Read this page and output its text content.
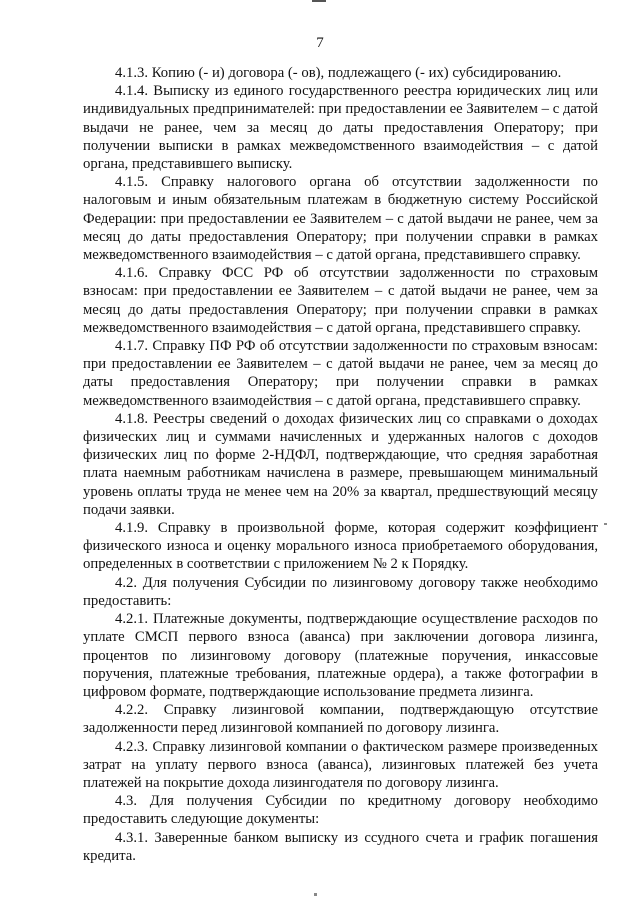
7

4.1.3. Копию (- и) договора (- ов), подлежащего (- их) субсидированию.

4.1.4. Выписку из единого государственного реестра юридических лиц или индивидуальных предпринимателей: при предоставлении ее Заявителем – с датой выдачи не ранее, чем за месяц до даты предоставления Оператору; при получении выписки в рамках межведомственного взаимодействия – с датой органа, представившего выписку.

4.1.5. Справку налогового органа об отсутствии задолженности по налоговым и иным обязательным платежам в бюджетную систему Российской Федерации: при предоставлении ее Заявителем – с датой выдачи не ранее, чем за месяц до даты предоставления Оператору; при получении справки в рамках межведомственного взаимодействия – с датой органа, представившего справку.

4.1.6. Справку ФСС РФ об отсутствии задолженности по страховым взносам: при предоставлении ее Заявителем – с датой выдачи не ранее, чем за месяц до даты предоставления Оператору; при получении справки в рамках межведомственного взаимодействия – с датой органа, представившего справку.

4.1.7. Справку ПФ РФ об отсутствии задолженности по страховым взносам: при предоставлении ее Заявителем – с датой выдачи не ранее, чем за месяц до даты предоставления Оператору; при получении справки в рамках межведомственного взаимодействия – с датой органа, представившего справку.

4.1.8. Реестры сведений о доходах физических лиц со справками о доходах физических лиц и суммами начисленных и удержанных налогов с доходов физических лиц по форме 2-НДФЛ, подтверждающие, что средняя заработная плата наемным работникам начислена в размере, превышающем минимальный уровень оплаты труда не менее чем на 20% за квартал, предшествующий месяцу подачи заявки.

4.1.9. Справку в произвольной форме, которая содержит коэффициент физического износа и оценку морального износа приобретаемого оборудования, определенных в соответствии с приложением № 2 к Порядку.

4.2. Для получения Субсидии по лизинговому договору также необходимо предоставить:

4.2.1. Платежные документы, подтверждающие осуществление расходов по уплате СМСП первого взноса (аванса) при заключении договора лизинга, процентов по лизинговому договору (платежные поручения, инкассовые поручения, платежные требования, платежные ордера), а также фотографии в цифровом формате, подтверждающие использование предмета лизинга.

4.2.2. Справку лизинговой компании, подтверждающую отсутствие задолженности перед лизинговой компанией по договору лизинга.

4.2.3. Справку лизинговой компании о фактическом размере произведенных затрат на уплату первого взноса (аванса), лизинговых платежей без учета платежей на покрытие дохода лизингодателя по договору лизинга.

4.3. Для получения Субсидии по кредитному договору необходимо предоставить следующие документы:

4.3.1. Заверенные банком выписку из ссудного счета и график погашения кредита.
